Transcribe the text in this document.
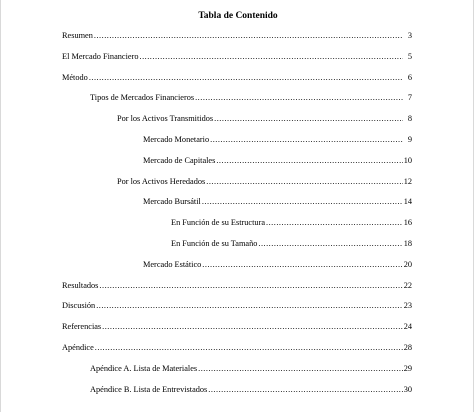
Tabla de Contenido
Resumen .....	3
El Mercado Financiero .....	5
Método .....	6
Tipos de Mercados Financieros .....	7
Por los Activos Transmitidos .....	8
Mercado Monetario .....	9
Mercado de Capitales .....	10
Por los Activos Heredados .....	12
Mercado Bursátil .....	14
En Función de su Estructura .....	16
En Función de su Tamaño .....	18
Mercado Estático .....	20
Resultados .....	22
Discusión .....	23
Referencias .....	24
Apéndice .....	28
Apéndice A. Lista de Materiales .....	29
Apéndice B. Lista de Entrevistados .....	30
